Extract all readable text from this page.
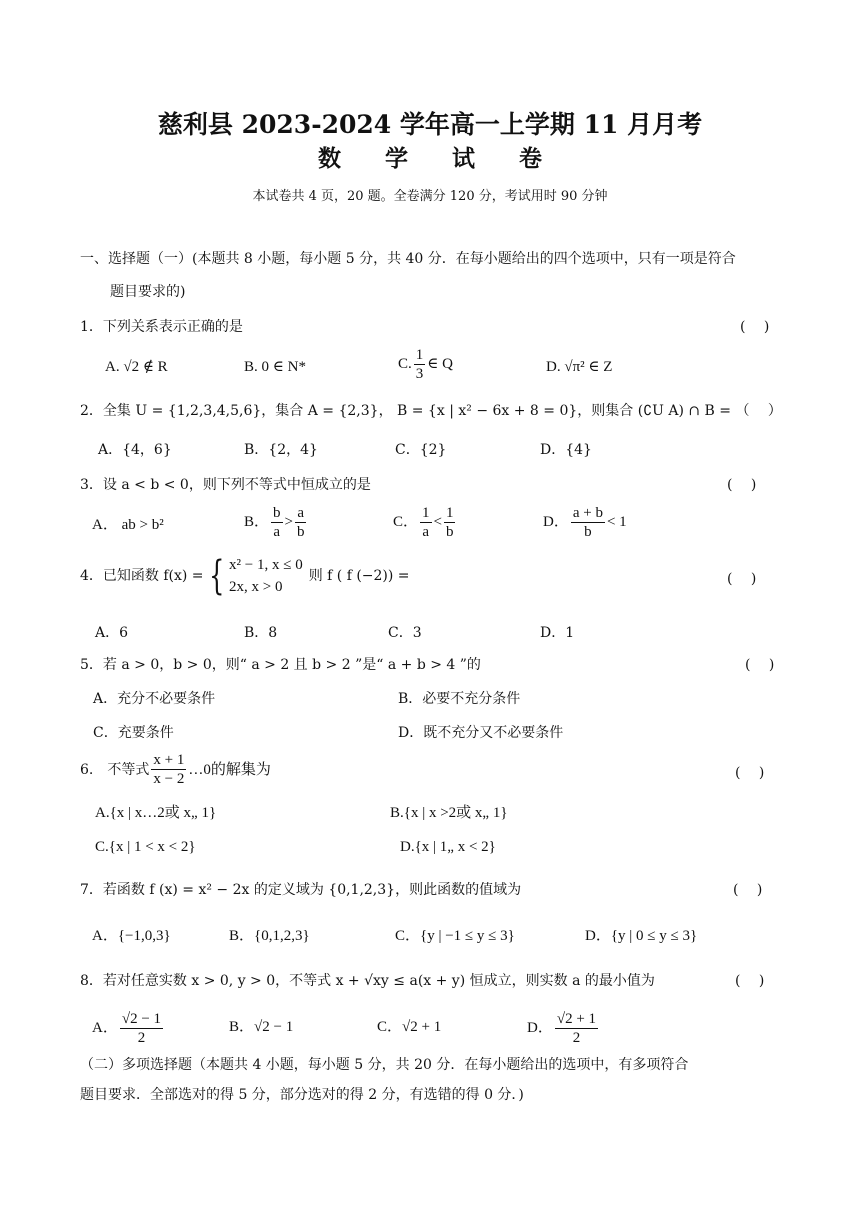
慈利县 2023-2024 学年高一上学期 11 月月考
数 学 试 卷
本试卷共 4 页，20 题。全卷满分 120 分，考试用时 90 分钟
一、选择题（一）(本题共 8 小题，每小题 5 分，共 40 分．在每小题给出的四个选项中，只有一项是符合
题目要求的)
1．下列关系表示正确的是	(　 )
A. √2 ∉ R	B. 0 ∈ N*	C. $\frac{1}{3}$ ∈ Q	D. √π² ∈ Z
2．全集 U = {1,2,3,4,5,6}，集合 A = {2,3}， B = {x | x² − 6x + 8 = 0}，则集合 (∁U A) ∩ B = （　 ）
A．{4，6}	B．{2，4}	C．{2}	D．{4}
3．设 a < b < 0，则下列不等式中恒成立的是	(　 )
A． ab > b²	B． $\frac{b}{a} > \frac{a}{b}$	C． $\frac{1}{a} < \frac{1}{b}$	D． $\frac{a + b}{b} < 1$
4．已知函数 f(x) = { x² − 1, x ≤ 0
2x, x > 0
则 f ( f (−2)) =	(　 )
A．6	B．8	C．3	D．1
5．若 a > 0，b > 0，则“ a > 2 且 b > 2 ”是“ a + b > 4 ”的	(　 )
A．充分不必要条件	B．必要不充分条件
C．充要条件	D．既不充分又不必要条件
6.　不等式 $\frac{x + 1}{x - 2}$ …0的解集为	(　 )
A.{x | x…2或 x„ 1}	B.{x | x >2或 x„ 1}
C.{x | 1 < x < 2}	D.{x | 1„ x < 2}
7．若函数 f (x) = x² − 2x 的定义域为 {0,1,2,3}，则此函数的值域为	(　 )
A．{−1,0,3}	B．{0,1,2,3}	C．{y | −1 ≤ y ≤ 3}	D．{y | 0 ≤ y ≤ 3}
8．若对任意实数 x > 0, y > 0，不等式 x + √xy ≤ a(x + y) 恒成立，则实数 a 的最小值为	(　 )
A． $\frac{√2 - 1}{2}$	B．√2 − 1	C．√2 + 1	D． $\frac{√2 + 1}{2}$
（二）多项选择题（本题共 4 小题，每小题 5 分，共 20 分．在每小题给出的选项中，有多项符合
题目要求．全部选对的得 5 分，部分选对的得 2 分，有选错的得 0 分．)
